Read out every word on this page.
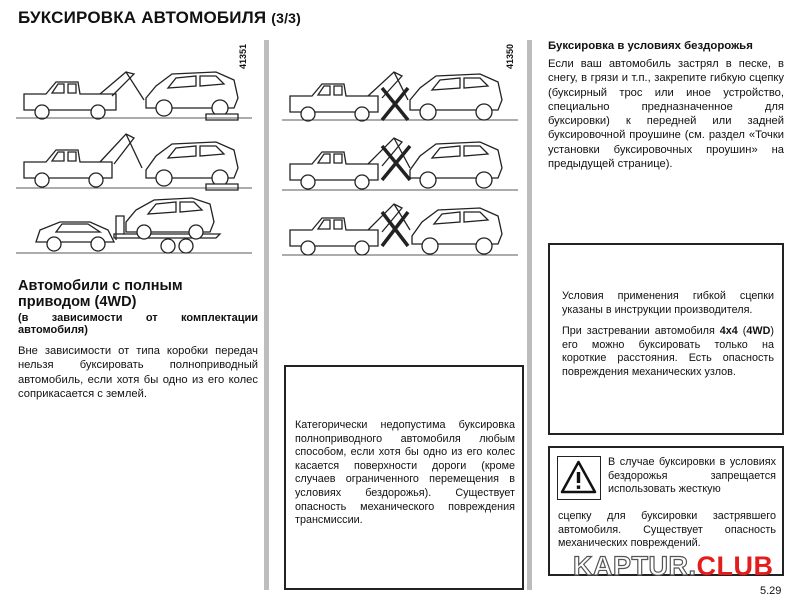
БУКСИРОВКА АВТОМОБИЛЯ (3/3)
41351	41350
Автомобили с полным приводом (4WD)
(в зависимости от комплектации автомобиля)
Вне зависимости от типа коробки передач нельзя буксировать полноприводный автомобиль, если хотя бы одно из его колес соприкасается с землей.
Категорически недопустима буксировка полноприводного автомобиля любым способом, если хотя бы одно из его колес касается поверхности дороги (кроме случаев ограниченного перемещения в условиях бездорожья). Существует опасность механического повреждения трансмиссии.
Буксировка в условиях бездорожья
Если ваш автомобиль застрял в песке, в снегу, в грязи и т.п., закрепите гибкую сцепку (буксирный трос или иное устройство, специально предназначенное для буксировки) к передней или задней буксировочной проушине (см. раздел «Точки установки буксировочных проушин» на предыдущей странице).
Условия применения гибкой сцепки указаны в инструкции производителя.
При застревании автомобиля 4x4 (4WD) его можно буксировать только на короткие расстояния. Есть опасность повреждения механических узлов.
В случае буксировки в условиях бездорожья запрещается использовать жесткую
сцепку для буксировки застрявшего автомобиля. Существует опасность механических повреждений.
KAPTUR.CLUB
5.29
